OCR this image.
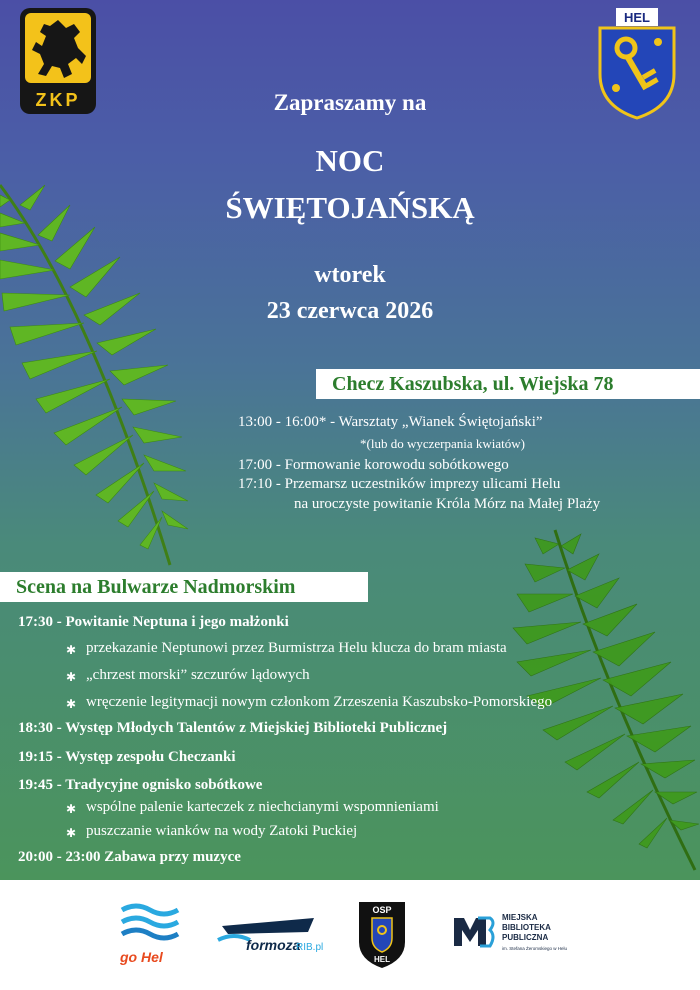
ZKP
HEL
Zapraszamy na
NOC
ŚWIĘTOJAŃSKĄ
wtorek
23 czerwca 2026
Checz Kaszubska, ul. Wiejska 78
13:00 - 16:00* - Warsztaty „Wianek Świętojański”
*(lub do wyczerpania kwiatów)
17:00 - Formowanie korowodu sobótkowego
17:10 - Przemarsz uczestników imprezy ulicami Helu
na uroczyste powitanie Króla Mórz na Małej Plaży
Scena na Bulwarze Nadmorskim
17:30 - Powitanie Neptuna i jego małżonki
✱ przekazanie Neptunowi przez Burmistrza Helu klucza do bram miasta
✱ „chrzest morski” szczurów lądowych
✱ wręczenie legitymacji nowym członkom Zrzeszenia Kaszubsko-Pomorskiego
18:30 - Występ Młodych Talentów z Miejskiej Biblioteki Publicznej
19:15 - Występ zespołu Checzanki
19:45 - Tradycyjne ognisko sobótkowe
✱ wspólne palenie karteczek z niechcianymi wspomnieniami
✱ puszczanie wianków na wody Zatoki Puckiej
20:00 - 23:00 Zabawa przy muzyce
go Hel
formoza
RIB.pl
OSP
HEL
MIEJSKA
BIBLIOTEKA
PUBLICZNA
im. Stefana Żeromskiego w Helu
